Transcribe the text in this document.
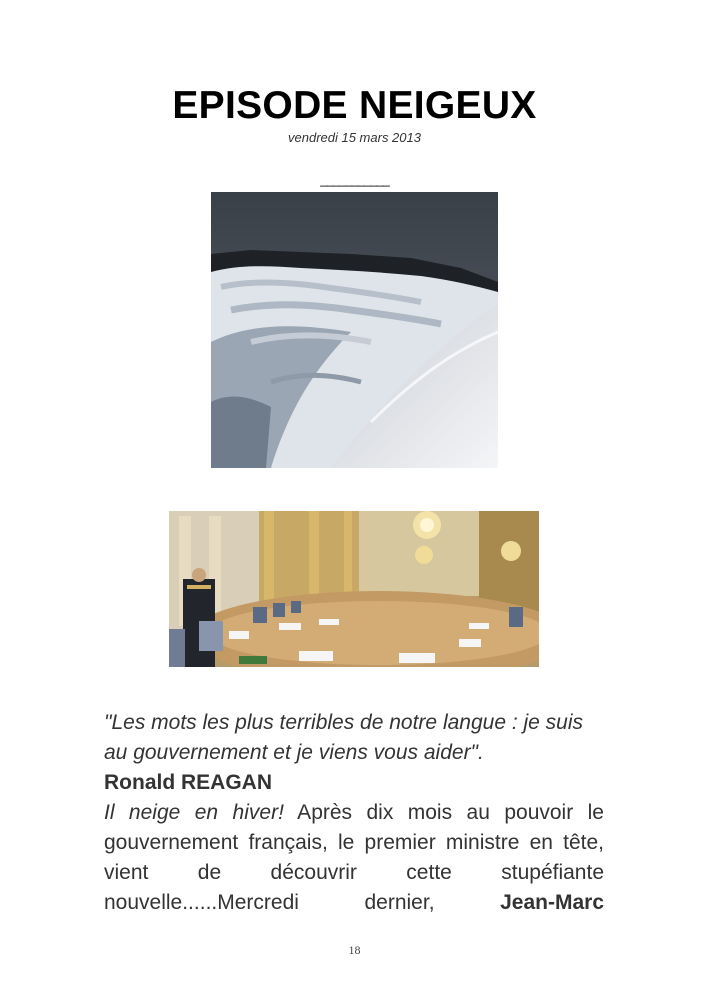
EPISODE NEIGEUX
vendredi 15 mars 2013
___________

"Les mots les plus terribles de notre langue : je suis au gouvernement et je viens vous aider".

Ronald REAGAN

Il neige en hiver! Après dix mois au pouvoir le gouvernement français, le premier ministre en tête, vient de découvrir cette stupéfiante nouvelle......Mercredi dernier, Jean-Marc

18
